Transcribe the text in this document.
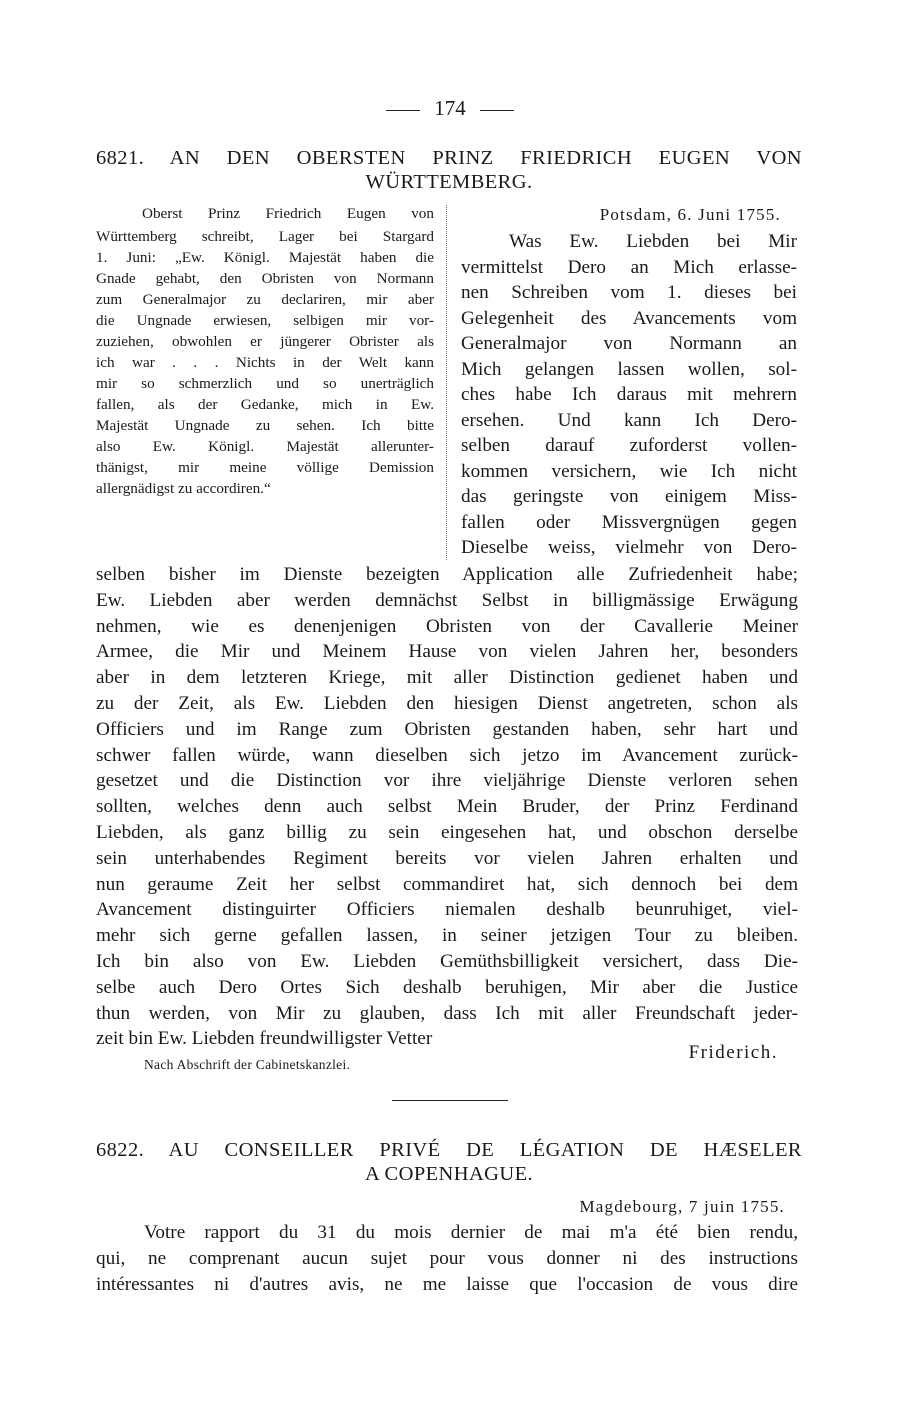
174
6821. AN DEN OBERSTEN PRINZ FRIEDRICH EUGEN VON
WÜRTTEMBERG.
Oberst Prinz Friedrich Eugen von
Württemberg schreibt, Lager bei Stargard
1. Juni: „Ew. Königl. Majestät haben die
Gnade gehabt, den Obristen von Normann
zum Generalmajor zu declariren, mir aber
die Ungnade erwiesen, selbigen mir vor-
zuziehen, obwohlen er jüngerer Obrister als
ich war . . . Nichts in der Welt kann
mir so schmerzlich und so unerträglich
fallen, als der Gedanke, mich in Ew.
Majestät Ungnade zu sehen. Ich bitte
also Ew. Königl. Majestät allerunter-
thänigst, mir meine völlige Demission
allergnädigst zu accordiren.“
Potsdam, 6. Juni 1755.
Was Ew. Liebden bei Mir
vermittelst Dero an Mich erlasse-
nen Schreiben vom 1. dieses bei
Gelegenheit des Avancements vom
Generalmajor von Normann an
Mich gelangen lassen wollen, sol-
ches habe Ich daraus mit mehrern
ersehen. Und kann Ich Dero-
selben darauf zuforderst vollen-
kommen versichern, wie Ich nicht
das geringste von einigem Miss-
fallen oder Missvergnügen gegen
Dieselbe weiss, vielmehr von Dero-
selben bisher im Dienste bezeigten Application alle Zufriedenheit habe;
Ew. Liebden aber werden demnächst Selbst in billigmässige Erwägung
nehmen, wie es denenjenigen Obristen von der Cavallerie Meiner
Armee, die Mir und Meinem Hause von vielen Jahren her, besonders
aber in dem letzteren Kriege, mit aller Distinction gedienet haben und
zu der Zeit, als Ew. Liebden den hiesigen Dienst angetreten, schon als
Officiers und im Range zum Obristen gestanden haben, sehr hart und
schwer fallen würde, wann dieselben sich jetzo im Avancement zurück-
gesetzet und die Distinction vor ihre vieljährige Dienste verloren sehen
sollten, welches denn auch selbst Mein Bruder, der Prinz Ferdinand
Liebden, als ganz billig zu sein eingesehen hat, und obschon derselbe
sein unterhabendes Regiment bereits vor vielen Jahren erhalten und
nun geraume Zeit her selbst commandiret hat, sich dennoch bei dem
Avancement distinguirter Officiers niemalen deshalb beunruhiget, viel-
mehr sich gerne gefallen lassen, in seiner jetzigen Tour zu bleiben.
Ich bin also von Ew. Liebden Gemüthsbilligkeit versichert, dass Die-
selbe auch Dero Ortes Sich deshalb beruhigen, Mir aber die Justice
thun werden, von Mir zu glauben, dass Ich mit aller Freundschaft jeder-
zeit bin Ew. Liebden freundwilligster Vetter
Friderich.
Nach Abschrift der Cabinetskanzlei.
6822. AU CONSEILLER PRIVÉ DE LÉGATION DE HÆSELER
A COPENHAGUE.
Magdebourg, 7 juin 1755.
Votre rapport du 31 du mois dernier de mai m'a été bien rendu,
qui, ne comprenant aucun sujet pour vous donner ni des instructions
intéressantes ni d'autres avis, ne me laisse que l'occasion de vous dire
